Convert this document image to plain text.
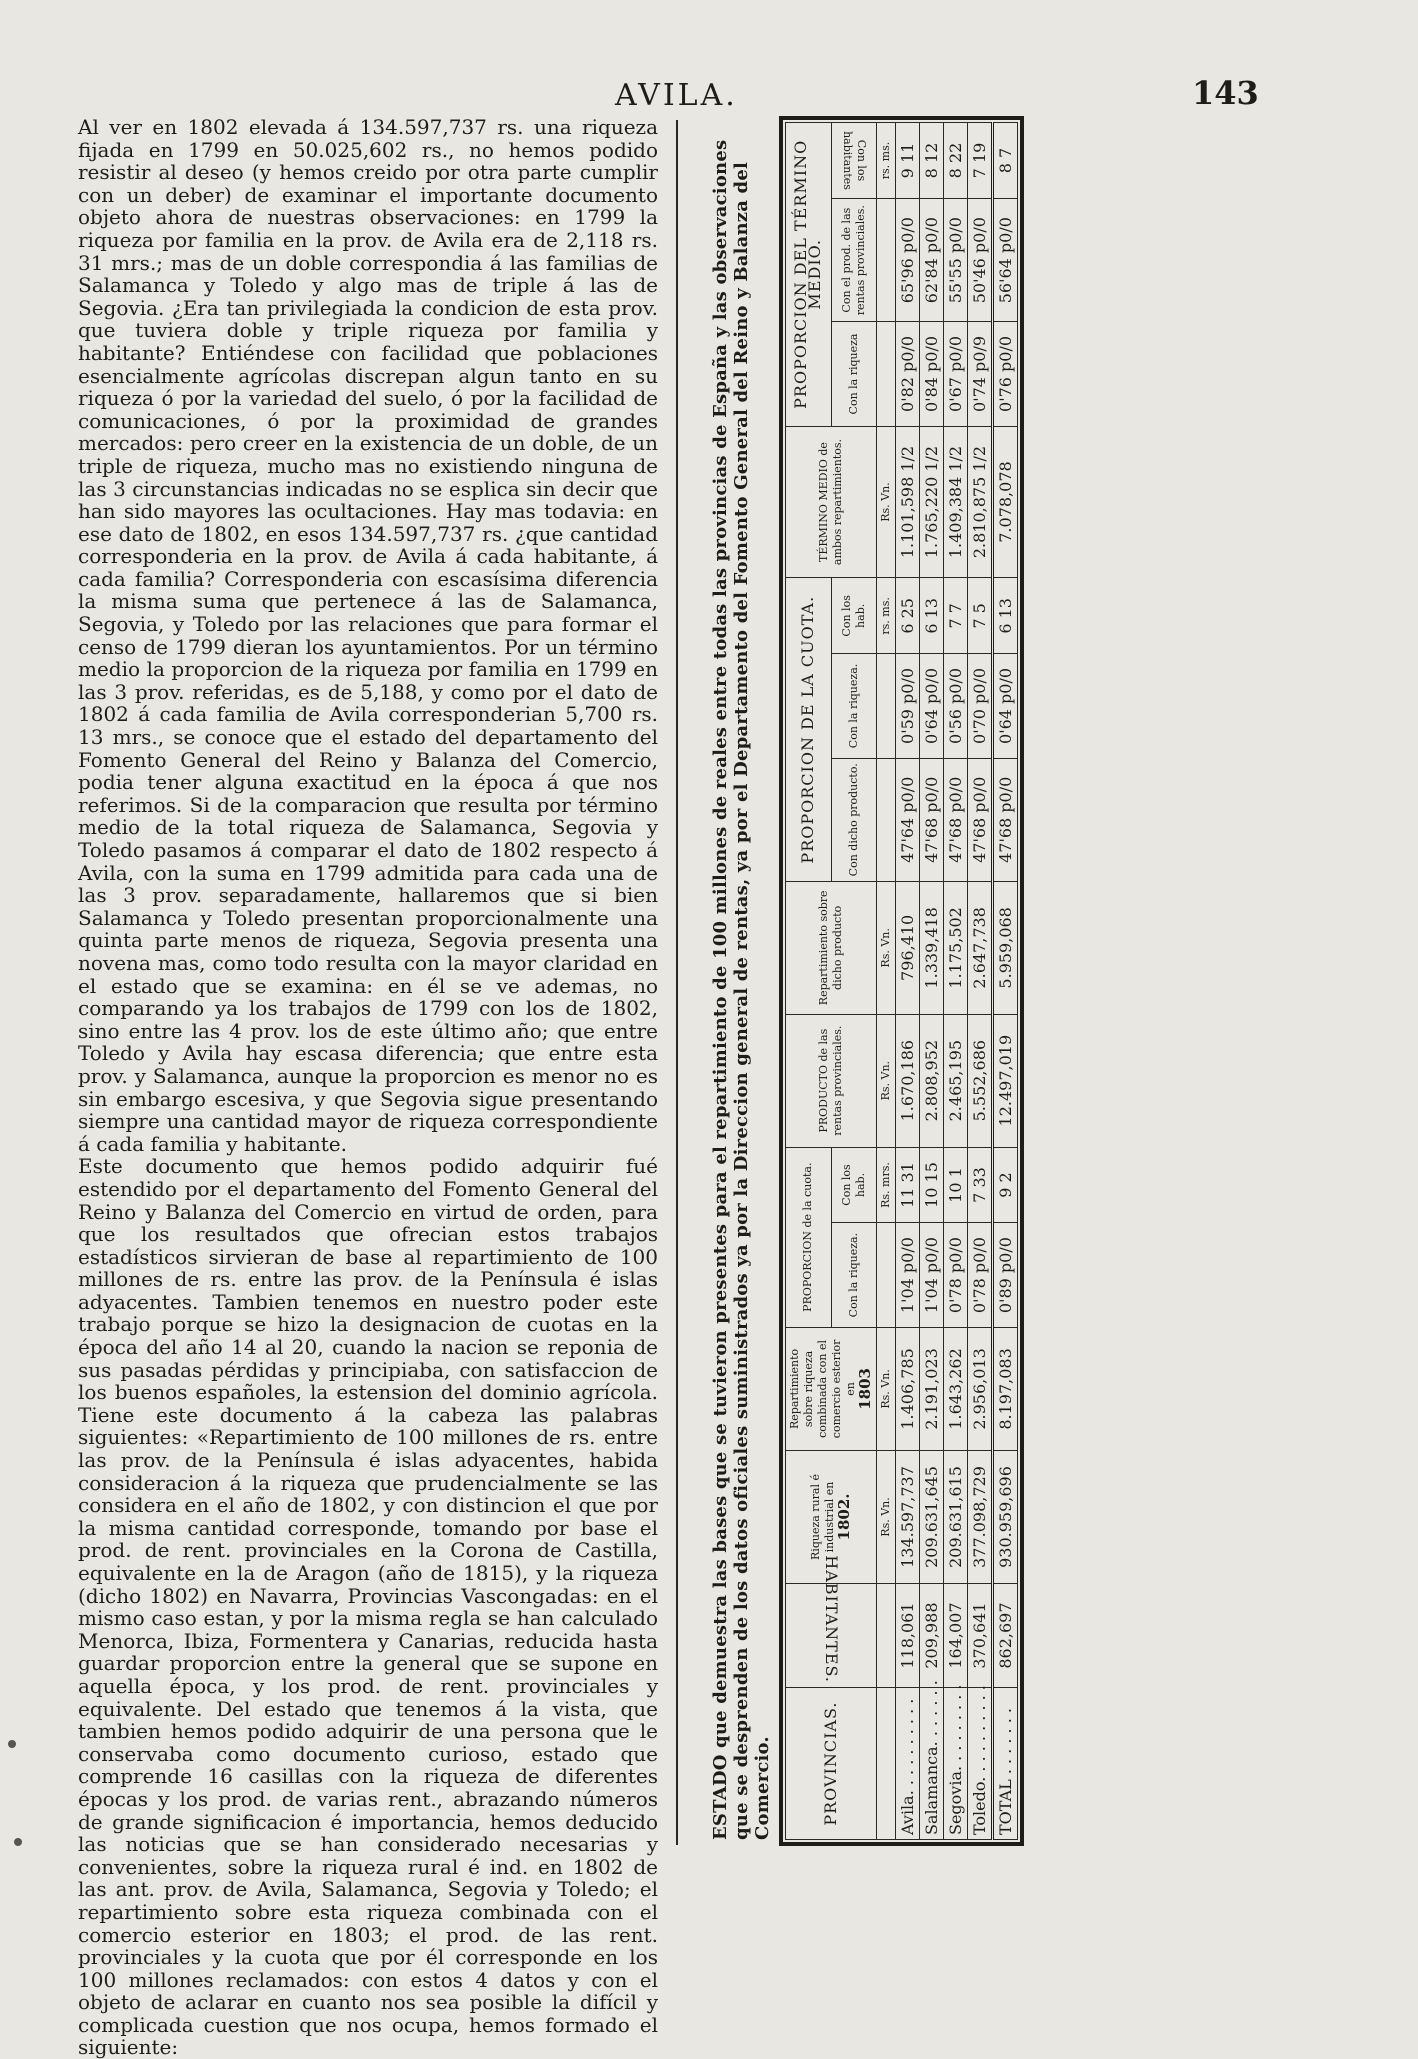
AVILA.	143
Al ver en 1802 elevada á 134.597,737 rs. una riqueza fijada en 1799 en 50.025,602 rs., no hemos podido resistir al deseo (y hemos creido por otra parte cumplir con un deber) de examinar el importante documento objeto ahora de nuestras observaciones: en 1799 la riqueza por familia en la prov. de Avila era de 2,118 rs. 31 mrs.; mas de un doble correspondia á las familias de Salamanca y Toledo y algo mas de triple á las de Segovia. ¿Era tan privilegiada la condicion de esta prov. que tuviera doble y triple riqueza por familia y habitante? Entiéndese con facilidad que poblaciones esencialmente agrícolas discrepan algun tanto en su riqueza ó por la variedad del suelo, ó por la facilidad de comunicaciones, ó por la proximidad de grandes mercados: pero creer en la existencia de un doble, de un triple de riqueza, mucho mas no existiendo ninguna de las 3 circunstancias indicadas no se esplica sin decir que han sido mayores las ocultaciones. Hay mas todavia: en ese dato de 1802, en esos 134.597,737 rs. ¿que cantidad corresponderia en la prov. de Avila á cada habitante, á cada familia? Corresponderia con escasísima diferencia la misma suma que pertenece á las de Salamanca, Segovia, y Toledo por las relaciones que para formar el censo de 1799 dieran los ayuntamientos. Por un término medio la proporcion de la riqueza por familia en 1799 en las 3 prov. referidas, es de 5,188, y como por el dato de 1802 á cada familia de Avila corresponderian 5,700 rs. 13 mrs., se conoce que el estado del departamento del Fomento General del Reino y Balanza del Comercio, podia tener alguna exactitud en la época á que nos referimos. Si de la comparacion que resulta por término medio de la total riqueza de Salamanca, Segovia y Toledo pasamos á comparar el dato de 1802 respecto á Avila, con la suma en 1799 admitida para cada una de las 3 prov. separadamente, hallaremos que si bien Salamanca y Toledo presentan proporcionalmente una quinta parte menos de riqueza, Segovia presenta una novena mas, como todo resulta con la mayor claridad en el estado que se examina: en él se ve ademas, no comparando ya los trabajos de 1799 con los de 1802, sino entre las 4 prov. los de este último año; que entre Toledo y Avila hay escasa diferencia; que entre esta prov. y Salamanca, aunque la proporcion es menor no es sin embargo escesiva, y que Segovia sigue presentando siempre una cantidad mayor de riqueza correspondiente á cada familia y habitante.
Este documento que hemos podido adquirir fué estendido por el departamento del Fomento General del Reino y Balanza del Comercio en virtud de orden, para que los resultados que ofrecian estos trabajos estadísticos sirvieran de base al repartimiento de 100 millones de rs. entre las prov. de la Península é islas adyacentes. Tambien tenemos en nuestro poder este trabajo porque se hizo la designacion de cuotas en la época del año 14 al 20, cuando la nacion se reponia de sus pasadas pérdidas y principiaba, con satisfaccion de los buenos españoles, la estension del dominio agrícola. Tiene este documento á la cabeza las palabras siguientes: «Repartimiento de 100 millones de rs. entre las prov. de la Península é islas adyacentes, habida consideracion á la riqueza que prudencialmente se las considera en el año de 1802, y con distincion el que por la misma cantidad corresponde, tomando por base el prod. de rent. provinciales en la Corona de Castilla, equivalente en la de Aragon (año de 1815), y la riqueza (dicho 1802) en Navarra, Provincias Vascongadas: en el mismo caso estan, y por la misma regla se han calculado Menorca, Ibiza, Formentera y Canarias, reducida hasta guardar proporcion entre la general que se supone en aquella época, y los prod. de rent. provinciales y equivalente. Del estado que tenemos á la vista, que tambien hemos podido adquirir de una persona que le conservaba como documento curioso, estado que comprende 16 casillas con la riqueza de diferentes épocas y los prod. de varias rent., abrazando números de grande significacion é importancia, hemos deducido las noticias que se han considerado necesarias y convenientes, sobre la riqueza rural é ind. en 1802 de las ant. prov. de Avila, Salamanca, Segovia y Toledo; el repartimiento sobre esta riqueza combinada con el comercio esterior en 1803; el prod. de las rent. provinciales y la cuota que por él corresponde en los 100 millones reclamados: con estos 4 datos y con el objeto de aclarar en cuanto nos sea posible la difícil y complicada cuestion que nos ocupa, hemos formado el siguiente:
ESTADO que demuestra las bases que se tuvieron presentes para el repartimiento de 100 millones de reales entre todas las provincias de España y las observaciones que se desprenden de los datos oficiales suministrados ya por la Direccion general de rentas, ya por el Departamento del Fomento General del Reino y Balanza del Comercio.	PROVINCIAS.	HABITANTES.	Riqueza rural é industrial en
1802.	Repartimiento sobre riqueza combinada con el comercio esterior en
1803	PROPORCION de la cuota.		PRODUCTO de las rentas provinciales.	Repartimiento sobre dicho producto	PROPORCION DE LA CUOTA.			TÉRMINO MEDIO de ambos repartimientos.	PROPORCION DEL TÉRMINO MEDIO.		
				Con la riqueza.	Con los hab.			Con dicho producto.	Con la riqueza.	Con los hab.		Con la riqueza	Con el prod. de las rentas provinciales.	Con los habitantes
		Rs. Vn.	Rs. Vn.		Rs. mrs.	Rs. Vn.	Rs. Vn.			rs. ms.	Rs. Vn.			rs. ms.
Avila. . . . . . . . . .	118,061	134.597,737	1.406,785	1'04 p0/0	11 31	1.670,186	796,410	47'64 p0/0	0'59 p0/0	6 25	1.101,598 1/2	0'82 p0/0	65'96 p0/0	9 11
Salamanca. . . . . . .	209,988	209.631,645	2.191,023	1'04 p0/0	10 15	2.808,952	1.339,418	47'68 p0/0	0'64 p0/0	6 13	1.765,220 1/2	0'84 p0/0	62'84 p0/0	8 12
Segovia. . . . . . . . .	164,007	209.631,615	1.643,262	0'78 p0/0	10 1	2.465,195	1.175,502	47'68 p0/0	0'56 p0/0	7 7	1.409,384 1/2	0'67 p0/0	55'55 p0/0	8 22
Toledo. . . . . . . . . .	370,641	377.098,729	2.956,013	0'78 p0/0	7 33	5.552,686	2.647,738	47'68 p0/0	0'70 p0/0	7 5	2.810,875 1/2	0'74 p0/9	50'46 p0/0	7 19
TOTAL . . . . . . .	862,697	930.959,696	8.197,083	0'89 p0/0	9 2	12.497,019	5.959,068	47'68 p0/0	0'64 p0/0	6 13	7.078,078	0'76 p0/0	56'64 p0/0	8 7
